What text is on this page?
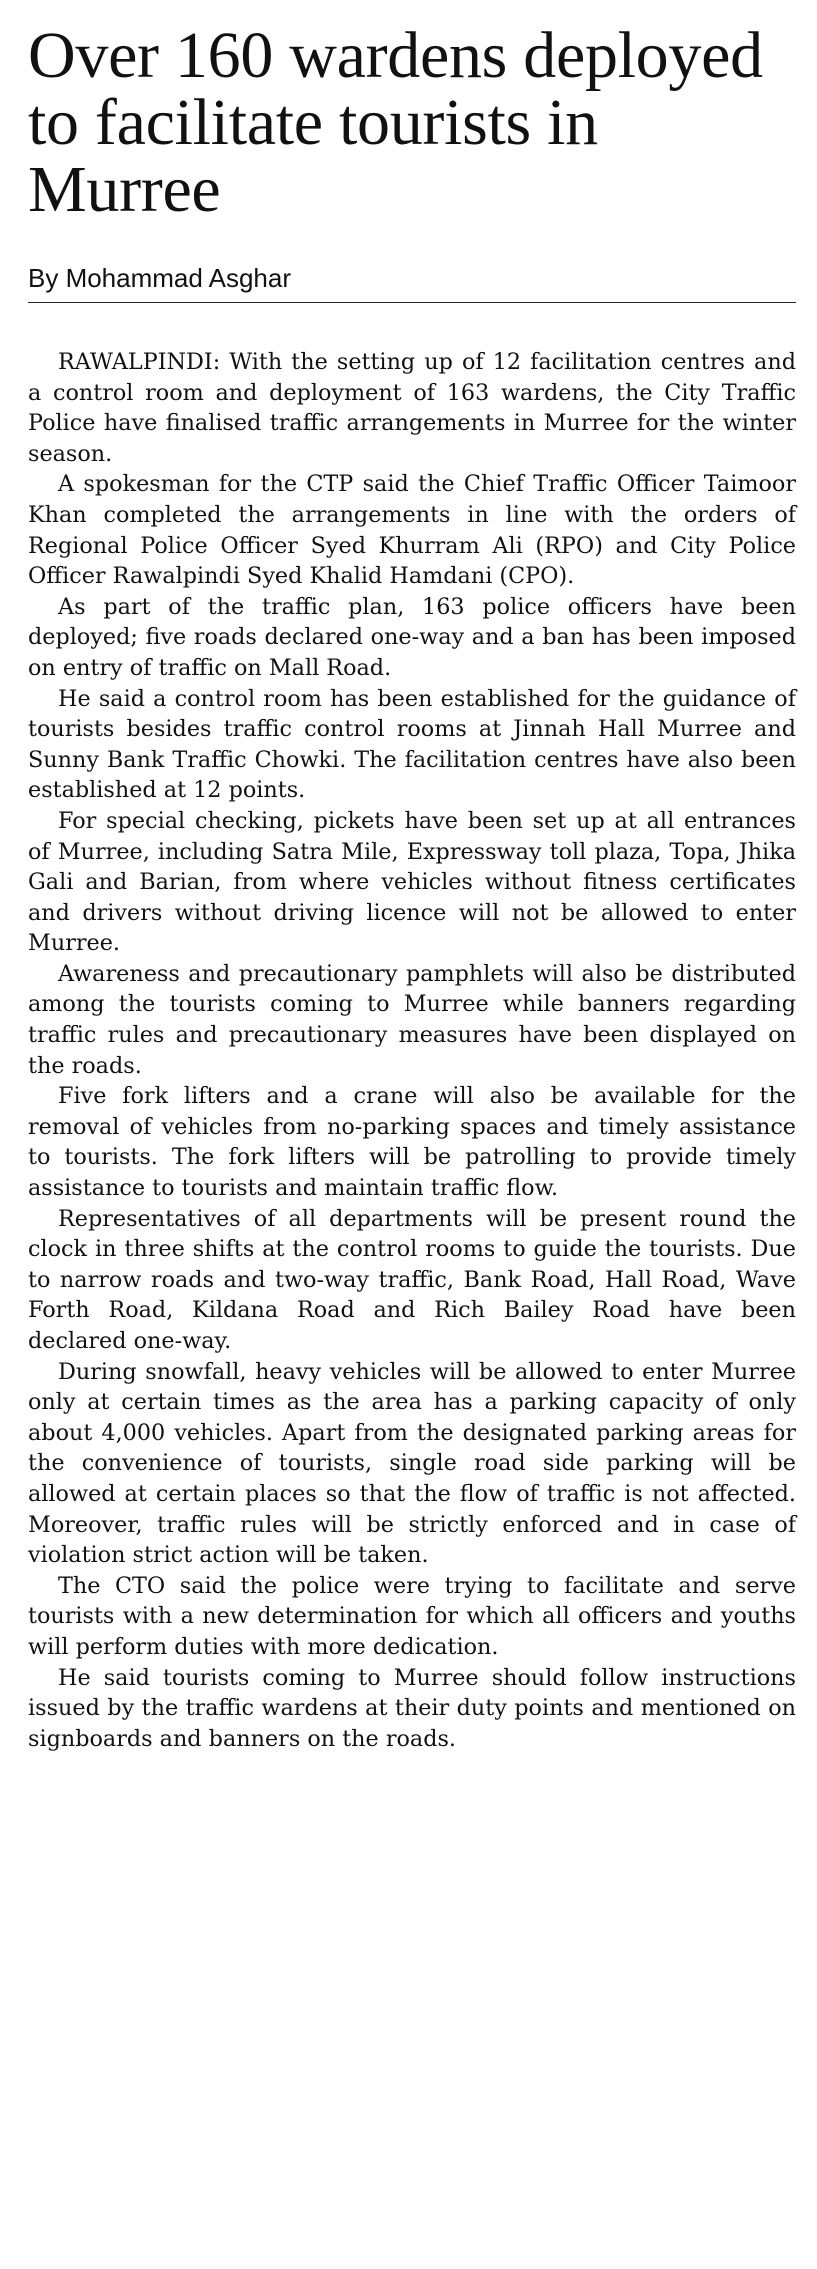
Over 160 wardens deployed to facilitate tourists in Murree
By Mohammad Asghar

RAWALPINDI: With the setting up of 12 facilitation centres and a control room and deployment of 163 wardens, the City Traffic Police have finalised traffic arrangements in Murree for the winter season.

A spokesman for the CTP said the Chief Traffic Officer Taimoor Khan completed the arrangements in line with the orders of Regional Police Officer Syed Khurram Ali (RPO) and City Police Officer Rawalpindi Syed Khalid Hamdani (CPO).

As part of the traffic plan, 163 police officers have been deployed; five roads declared one-way and a ban has been imposed on entry of traffic on Mall Road.

He said a control room has been established for the guidance of tourists besides traffic control rooms at Jinnah Hall Murree and Sunny Bank Traffic Chowki. The facilitation centres have also been established at 12 points.

For special checking, pickets have been set up at all entrances of Murree, including Satra Mile, Expressway toll plaza, Topa, Jhika Gali and Barian, from where vehicles without fitness certificates and drivers without driving licence will not be allowed to enter Murree.

Awareness and precautionary pamphlets will also be distributed among the tourists coming to Murree while banners regarding traffic rules and precautionary measures have been displayed on the roads.

Five fork lifters and a crane will also be available for the removal of vehicles from no-parking spaces and timely assistance to tourists. The fork lifters will be patrolling to provide timely assistance to tourists and maintain traffic flow.

Representatives of all departments will be present round the clock in three shifts at the control rooms to guide the tourists. Due to narrow roads and two-way traffic, Bank Road, Hall Road, Wave Forth Road, Kildana Road and Rich Bailey Road have been declared one-way.

During snowfall, heavy vehicles will be allowed to enter Murree only at certain times as the area has a parking capacity of only about 4,000 vehicles. Apart from the designated parking areas for the convenience of tourists, single road side parking will be allowed at certain places so that the flow of traffic is not affected. Moreover, traffic rules will be strictly enforced and in case of violation strict action will be taken.

The CTO said the police were trying to facilitate and serve tourists with a new determination for which all officers and youths will perform duties with more dedication.

He said tourists coming to Murree should follow instructions issued by the traffic wardens at their duty points and mentioned on signboards and banners on the roads.
